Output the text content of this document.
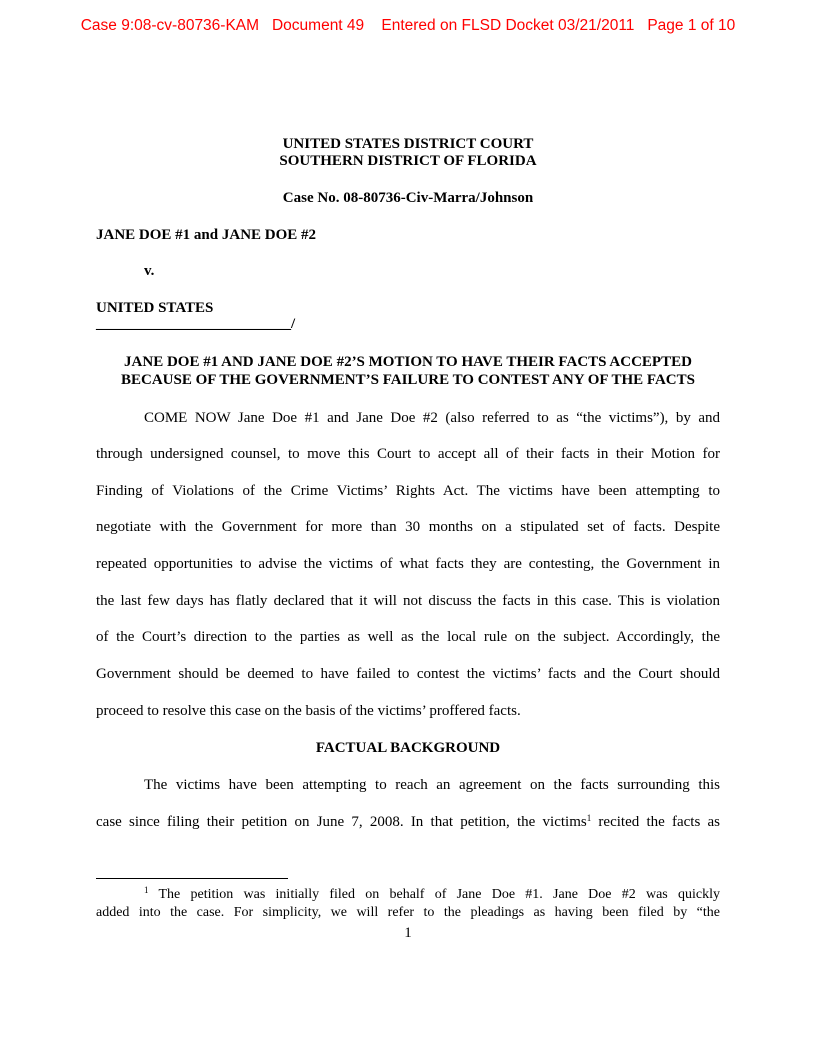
Case 9:08-cv-80736-KAM   Document 49    Entered on FLSD Docket 03/21/2011   Page 1 of 10
UNITED STATES DISTRICT COURT
SOUTHERN DISTRICT OF FLORIDA
Case No. 08-80736-Civ-Marra/Johnson
JANE DOE #1 and JANE DOE #2
v.
UNITED STATES
__________________________/
JANE DOE #1 AND JANE DOE #2’S MOTION TO HAVE THEIR FACTS ACCEPTED
BECAUSE OF THE GOVERNMENT’S FAILURE TO CONTEST ANY OF THE FACTS
COME NOW Jane Doe #1 and Jane Doe #2 (also referred to as “the victims”), by and
through undersigned counsel, to move this Court to accept all of their facts in their Motion for
Finding of Violations of the Crime Victims’ Rights Act. The victims have been attempting to
negotiate with the Government for more than 30 months on a stipulated set of facts. Despite
repeated opportunities to advise the victims of what facts they are contesting, the Government in
the last few days has flatly declared that it will not discuss the facts in this case. This is violation
of the Court’s direction to the parties as well as the local rule on the subject. Accordingly, the
Government should be deemed to have failed to contest the victims’ facts and the Court should
proceed to resolve this case on the basis of the victims’ proffered facts.
FACTUAL BACKGROUND
The victims have been attempting to reach an agreement on the facts surrounding this
case since filing their petition on June 7, 2008. In that petition, the victims$^1$ recited the facts as
$^1$ The petition was initially filed on behalf of Jane Doe #1. Jane Doe #2 was quickly
added into the case. For simplicity, we will refer to the pleadings as having been filed by “the
1
